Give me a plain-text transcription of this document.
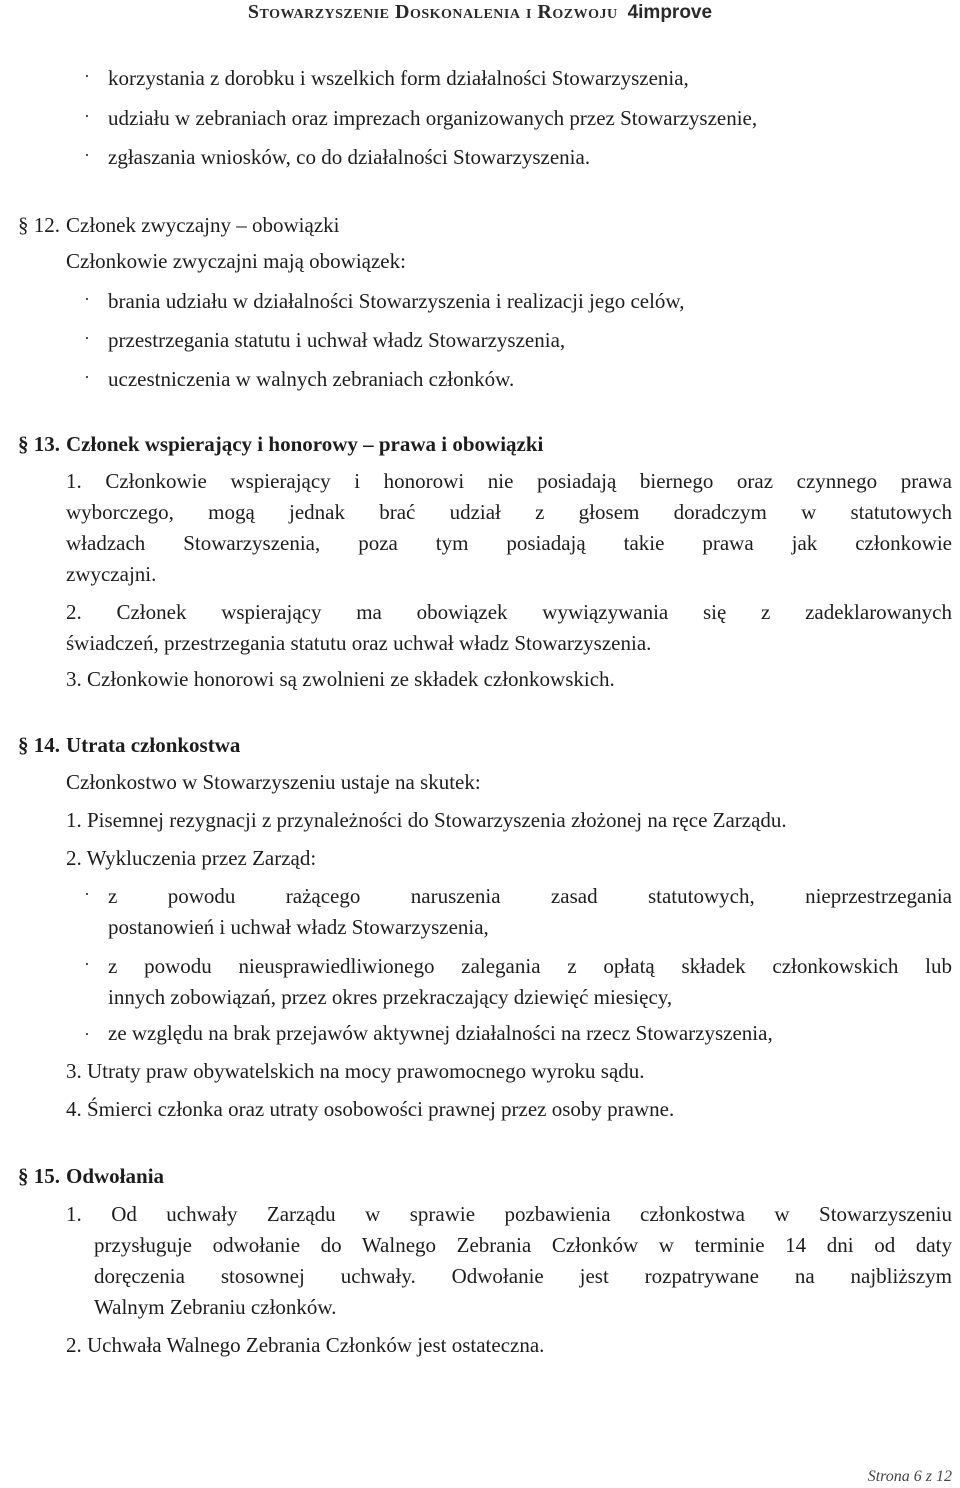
Stowarzyszenie Doskonalenia i Rozwoju 4improve
· korzystania z dorobku i wszelkich form działalności Stowarzyszenia,
· udziału w zebraniach oraz imprezach organizowanych przez Stowarzyszenie,
· zgłaszania wniosków, co do działalności Stowarzyszenia.
§ 12. Członek zwyczajny – obowiązki
Członkowie zwyczajni mają obowiązek:
· brania udziału w działalności Stowarzyszenia i realizacji jego celów,
· przestrzegania statutu i uchwał władz Stowarzyszenia,
· uczestniczenia w walnych zebraniach członków.
§ 13. Członek wspierający i honorowy – prawa i obowiązki
1. Członkowie wspierający i honorowi nie posiadają biernego oraz czynnego prawa
wyborczego, mogą jednak brać udział z głosem doradczym w statutowych
władzach Stowarzyszenia, poza tym posiadają takie prawa jak członkowie
zwyczajni.
2. Członek wspierający ma obowiązek wywiązywania się z zadeklarowanych
świadczeń, przestrzegania statutu oraz uchwał władz Stowarzyszenia.
3. Członkowie honorowi są zwolnieni ze składek członkowskich.
§ 14. Utrata członkostwa
Członkostwo w Stowarzyszeniu ustaje na skutek:
1. Pisemnej rezygnacji z przynależności do Stowarzyszenia złożonej na ręce Zarządu.
2. Wykluczenia przez Zarząd:
· z powodu rażącego naruszenia zasad statutowych, nieprzestrzegania
postanowień i uchwał władz Stowarzyszenia,
· z powodu nieusprawiedliwionego zalegania z opłatą składek członkowskich lub
innych zobowiązań, przez okres przekraczający dziewięć miesięcy,
· ze względu na brak przejawów aktywnej działalności na rzecz Stowarzyszenia,
3. Utraty praw obywatelskich na mocy prawomocnego wyroku sądu.
4. Śmierci członka oraz utraty osobowości prawnej przez osoby prawne.
§ 15. Odwołania
1. Od uchwały Zarządu w sprawie pozbawienia członkostwa w Stowarzyszeniu
przysługuje odwołanie do Walnego Zebrania Członków w terminie 14 dni od daty
doręczenia stosownej uchwały. Odwołanie jest rozpatrywane na najbliższym
Walnym Zebraniu członków.
2. Uchwała Walnego Zebrania Członków jest ostateczna.
Strona 6 z 12
